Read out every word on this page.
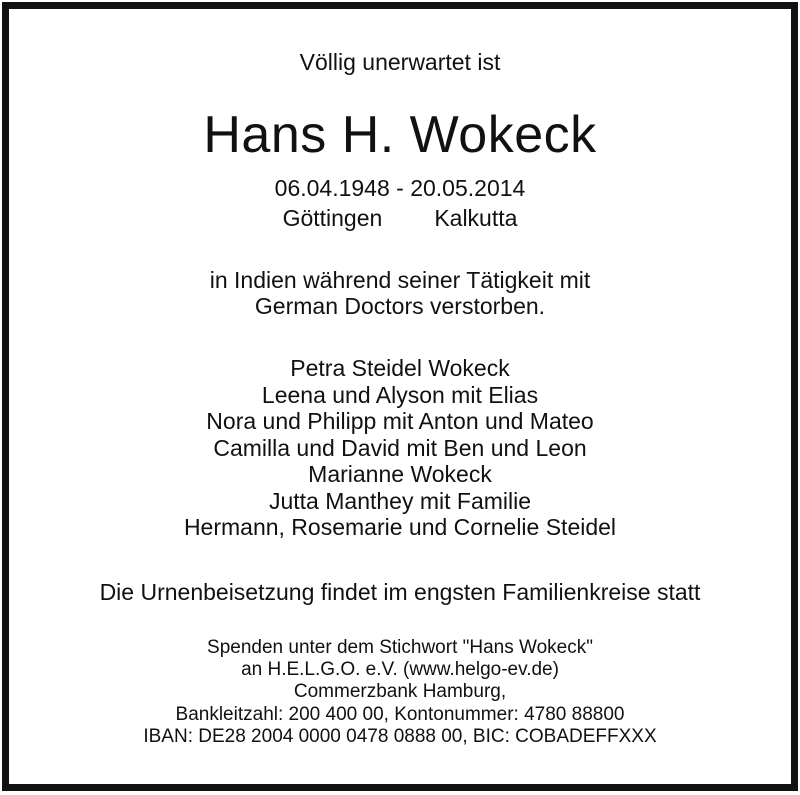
Völlig unerwartet ist
Hans H. Wokeck
06.04.1948 - 20.05.2014
Göttingen Kalkutta
in Indien während seiner Tätigkeit mit
German Doctors verstorben.
Petra Steidel Wokeck
Leena und Alyson mit Elias
Nora und Philipp mit Anton und Mateo
Camilla und David mit Ben und Leon
Marianne Wokeck
Jutta Manthey mit Familie
Hermann, Rosemarie und Cornelie Steidel
Die Urnenbeisetzung findet im engsten Familienkreise statt
Spenden unter dem Stichwort "Hans Wokeck"
an H.E.L.G.O. e.V. (www.helgo-ev.de)
Commerzbank Hamburg,
Bankleitzahl: 200 400 00, Kontonummer: 4780 88800
IBAN: DE28 2004 0000 0478 0888 00, BIC: COBADEFFXXX
